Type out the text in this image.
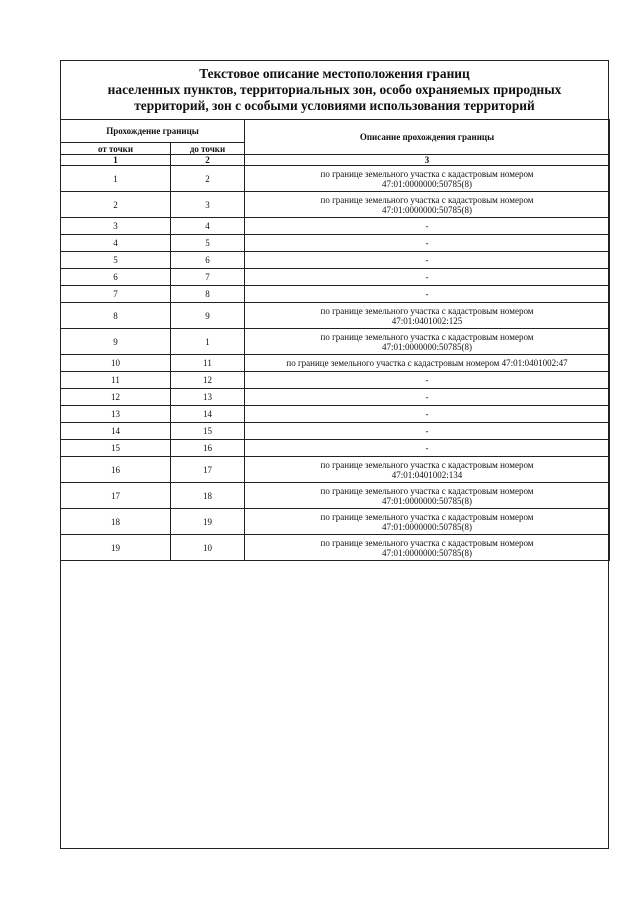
Текстовое описание местоположения границ
населенных пунктов, территориальных зон, особо охраняемых природных
территорий, зон с особыми условиями использования территорий
Прохождение границы		Описание прохождения границы
от точки	до точки	
1	2	3
1	2	по границе земельного участка с кадастровым номером
47:01:0000000:50785(8)

2	3	по границе земельного участка с кадастровым номером
47:01:0000000:50785(8)

3	4	-

4	5	-

5	6	-

6	7	-

7	8	-

8	9	по границе земельного участка с кадастровым номером
47:01:0401002:125

9	1	по границе земельного участка с кадастровым номером
47:01:0000000:50785(8)

10	11	по границе земельного участка с кадастровым номером 47:01:0401002:47

11	12	-

12	13	-

13	14	-

14	15	-

15	16	-

16	17	по границе земельного участка с кадастровым номером
47:01:0401002:134

17	18	по границе земельного участка с кадастровым номером
47:01:0000000:50785(8)

18	19	по границе земельного участка с кадастровым номером
47:01:0000000:50785(8)

19	10	по границе земельного участка с кадастровым номером
47:01:0000000:50785(8)
